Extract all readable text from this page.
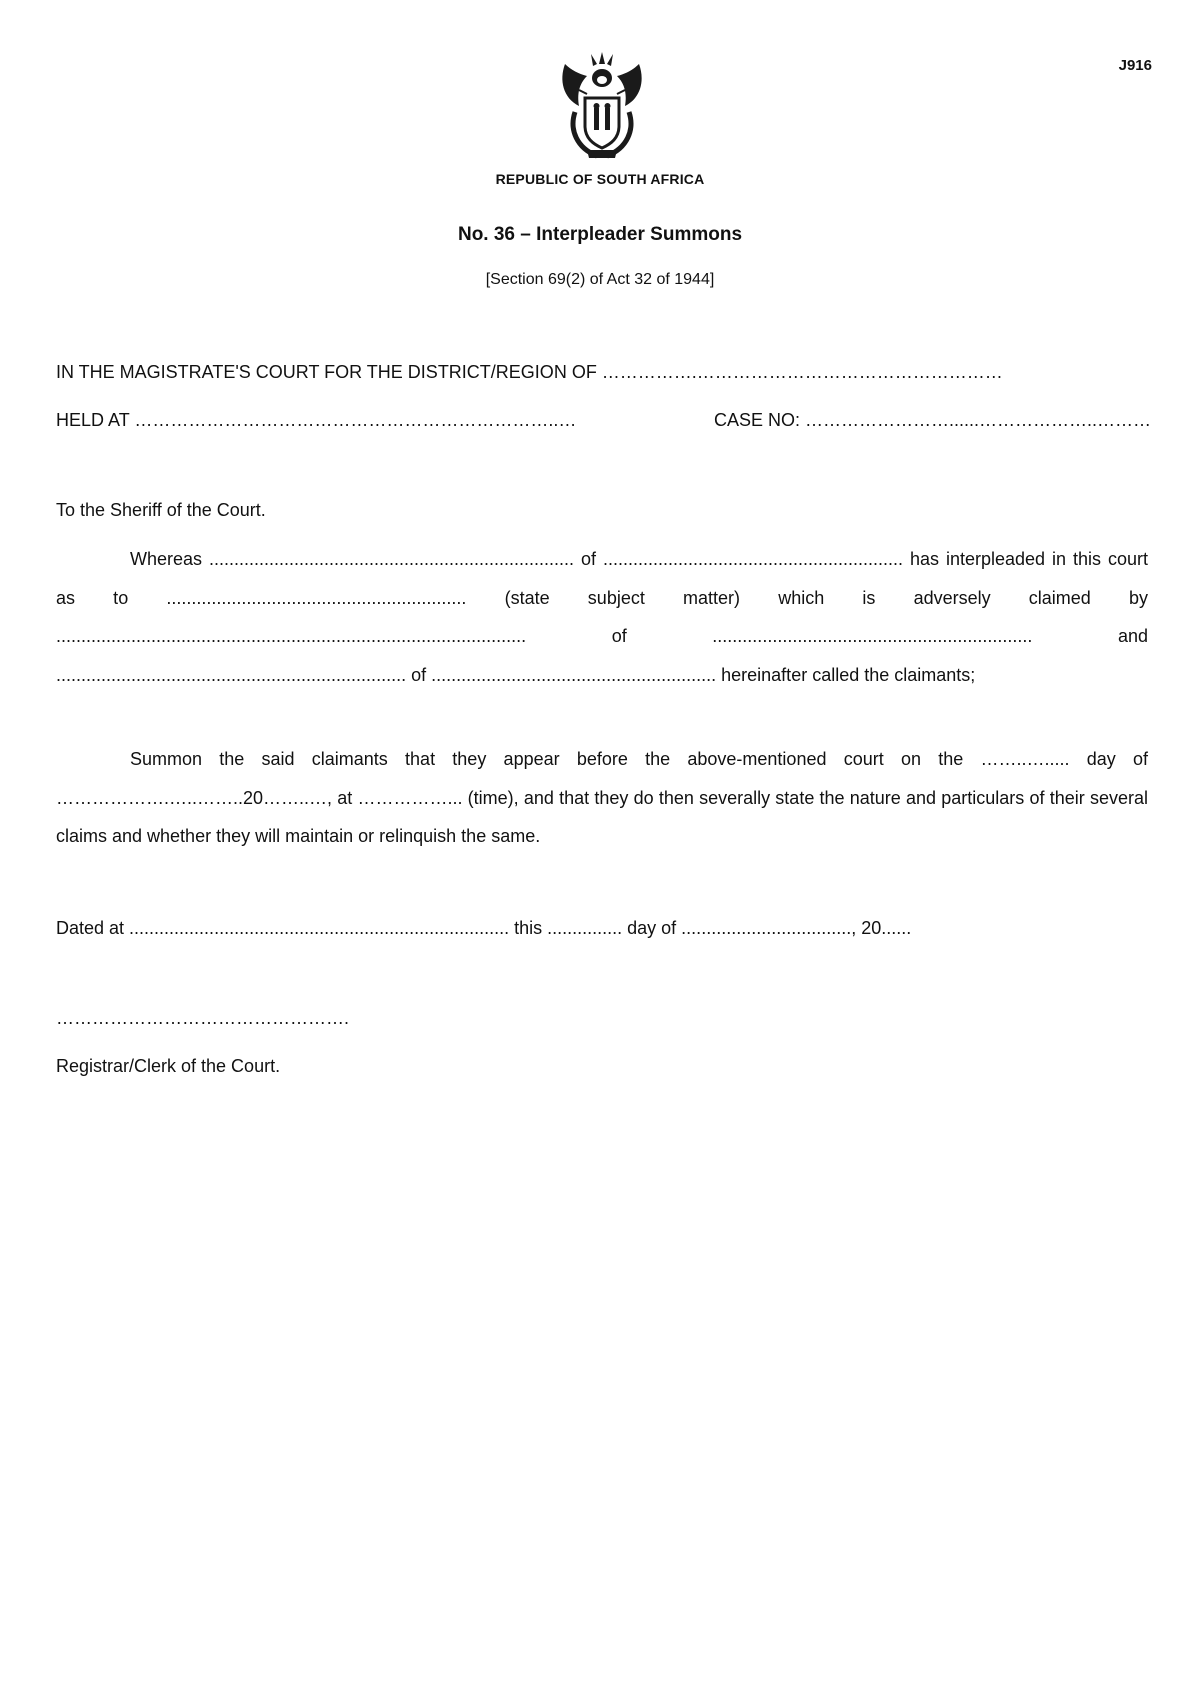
J916
REPUBLIC OF SOUTH AFRICA
No. 36 – Interpleader Summons
[Section 69(2) of Act 32 of 1944]
IN THE MAGISTRATE'S COURT FOR THE DISTRICT/REGION OF …………….……………………………………………
HELD AT ……………………………………………………………..…	CASE NO: ……………………......………………..………
To the Sheriff of the Court.
Whereas ......................................................................... of ............................................................ has interpleaded in this court as to ............................................................ (state subject matter) which is adversely claimed by .............................................................................................. of ................................................................ and ...................................................................... of ......................................................... hereinafter called the claimants;
Summon the said claimants that they appear before the above-mentioned court on the ……..…..... day of ……………….…..……..20……..…, at ……………... (time), and that they do then severally state the nature and particulars of their several claims and whether they will maintain or relinquish the same.
Dated at ............................................................................ this ............... day of .................................., 20......
………………………………………….
Registrar/Clerk of the Court.
